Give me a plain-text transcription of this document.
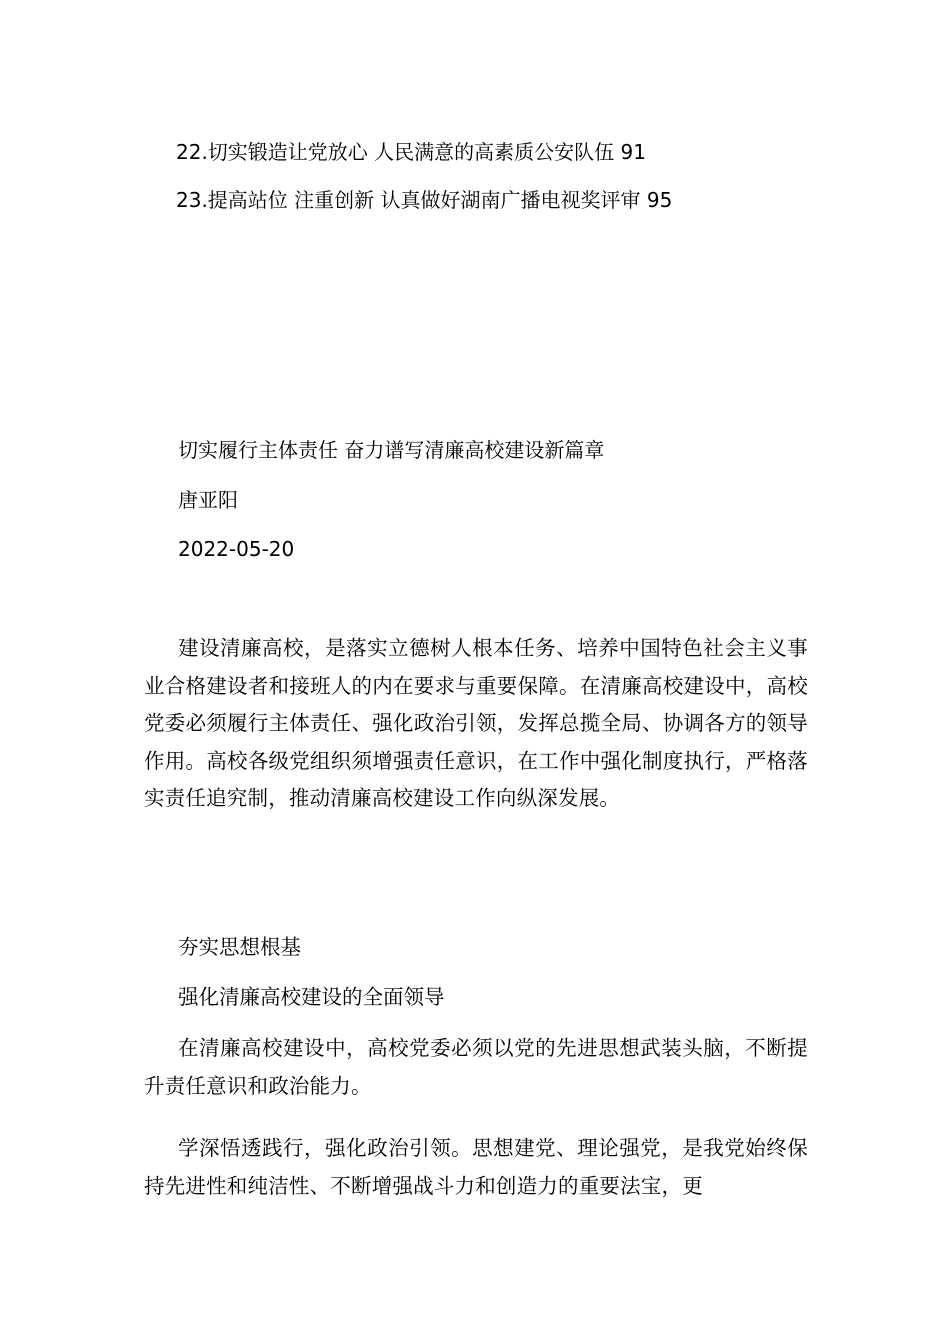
22.切实锻造让党放心 人民满意的高素质公安队伍 91
23.提高站位 注重创新 认真做好湖南广播电视奖评审 95
切实履行主体责任 奋力谱写清廉高校建设新篇章
唐亚阳
2022-05-20
建设清廉高校，是落实立德树人根本任务、培养中国特色社会主义事业合格建设者和接班人的内在要求与重要保障。在清廉高校建设中，高校党委必须履行主体责任、强化政治引领，发挥总揽全局、协调各方的领导作用。高校各级党组织须增强责任意识，在工作中强化制度执行，严格落实责任追究制，推动清廉高校建设工作向纵深发展。
夯实思想根基
强化清廉高校建设的全面领导
在清廉高校建设中，高校党委必须以党的先进思想武装头脑，不断提升责任意识和政治能力。
学深悟透践行，强化政治引领。思想建党、理论强党，是我党始终保持先进性和纯洁性、不断增强战斗力和创造力的重要法宝，更
